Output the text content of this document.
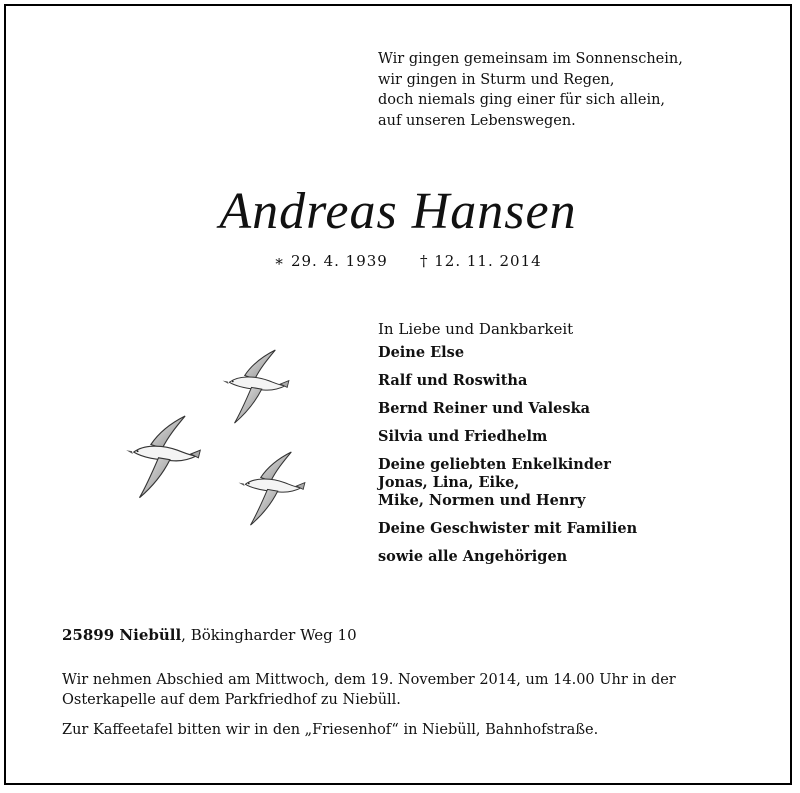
Wir gingen gemeinsam im Sonnenschein,
wir gingen in Sturm und Regen,
doch niemals ging einer für sich allein,
auf unseren Lebenswegen.
Andreas Hansen
∗ 29. 4. 1939 † 12. 11. 2014
In Liebe und Dankbarkeit
Deine Else
Ralf und Roswitha
Bernd Reiner und Valeska
Silvia und Friedhelm
Deine geliebten Enkelkinder
Jonas, Lina, Eike,
Mike, Normen und Henry
Deine Geschwister mit Familien
sowie alle Angehörigen
25899 Niebüll, Bökingharder Weg 10

Wir nehmen Abschied am Mittwoch, dem 19. November 2014, um 14.00 Uhr in der Osterkapelle auf dem Parkfriedhof zu Niebüll.

Zur Kaffeetafel bitten wir in den „Friesenhof“ in Niebüll, Bahnhofstraße.
